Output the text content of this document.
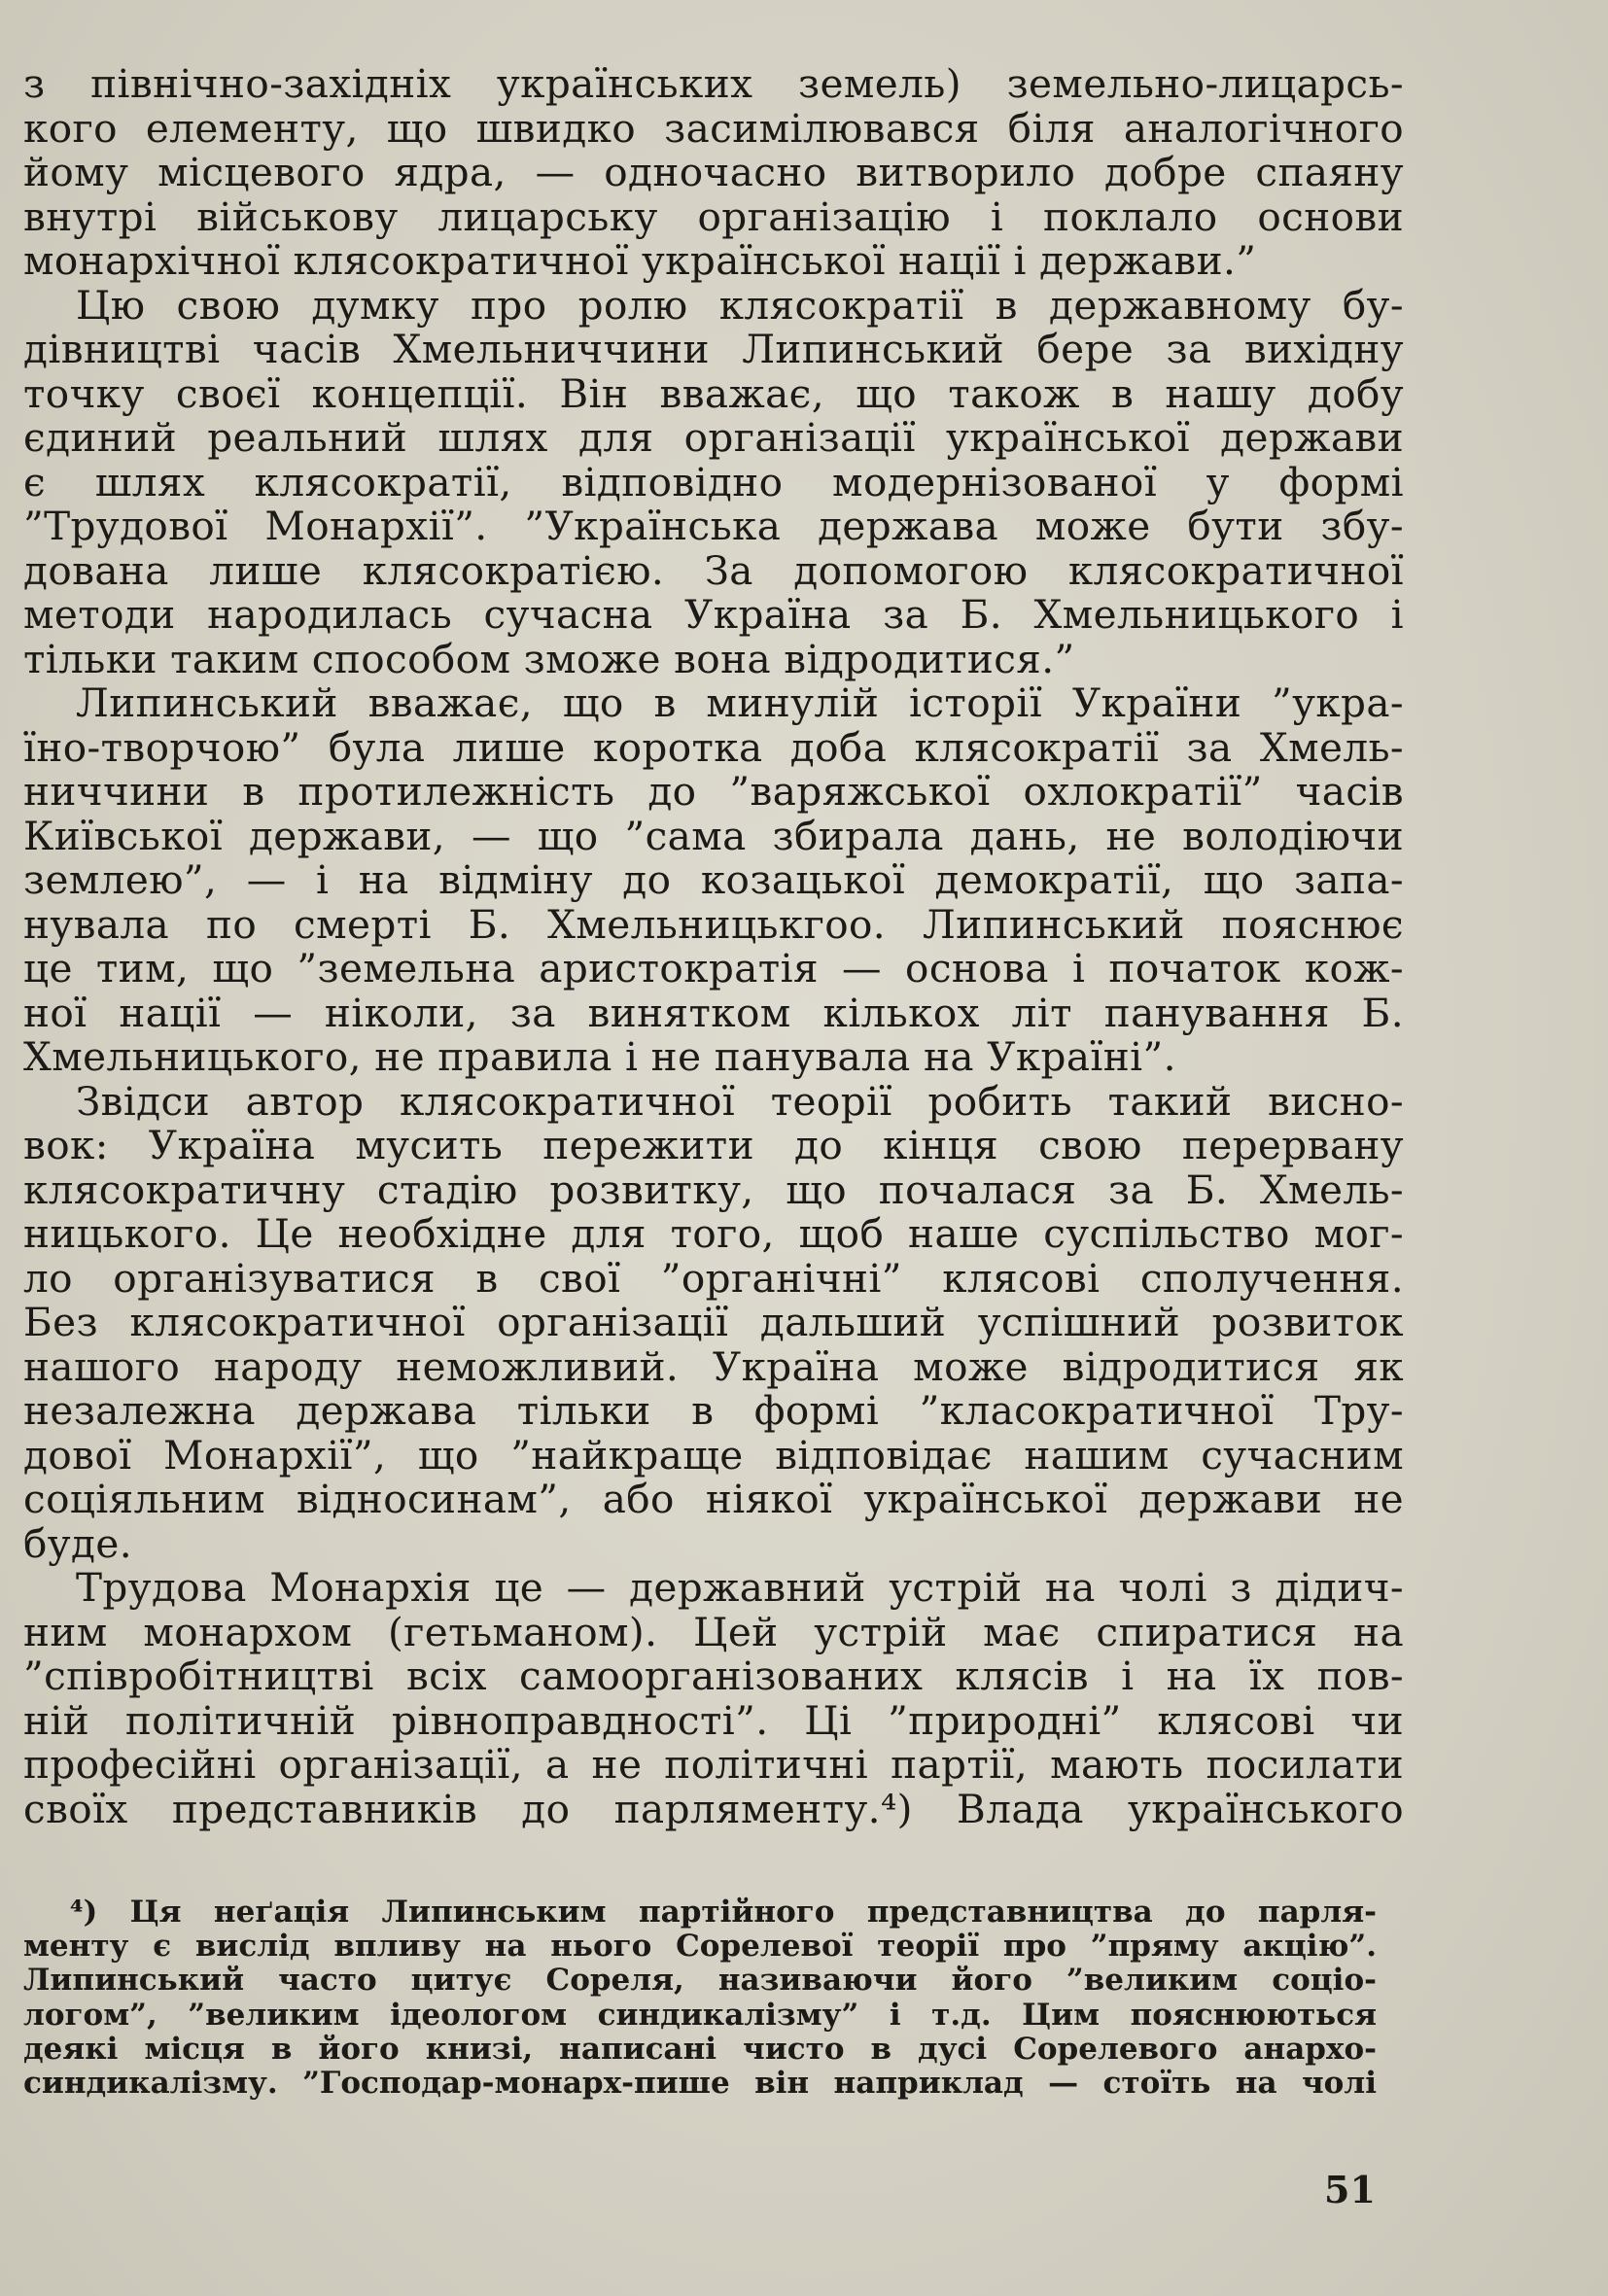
з північно-західніх українських земель) земельно-лицарсь-
кого елементу, що швидко засимілювався біля аналогічного
йому місцевого ядра, — одночасно витворило добре спаяну
внутрі військову лицарську організацію і поклало основи
монархічної клясократичної української нації і держави.”
Цю свою думку про ролю клясократії в державному бу-
дівництві часів Хмельниччини Липинський бере за вихідну
точку своєї концепції. Він вважає, що також в нашу добу
єдиний реальний шлях для організації української держави
є шлях клясократії, відповідно модернізованої у формі
”Трудової Монархії”. ”Українська держава може бути збу-
дована лише клясократією. За допомогою клясократичної
методи народилась сучасна Україна за Б. Хмельницького і
тільки таким способом зможе вона відродитися.”
Липинський вважає, що в минулій історії України ”укра-
їно-творчою” була лише коротка доба клясократії за Хмель-
ниччини в протилежність до ”варяжської охлократії” часів
Київської держави, — що ”сама збирала дань, не володіючи
землею”, — і на відміну до козацької демократії, що запа-
нувала по смерті Б. Хмельницькгоо. Липинський пояснює
це тим, що ”земельна аристократія — основа і початок кож-
ної нації — ніколи, за винятком кількох літ панування Б.
Хмельницького, не правила і не панувала на Україні”.
Звідси автор клясократичної теорії робить такий висно-
вок: Україна мусить пережити до кінця свою перервану
клясократичну стадію розвитку, що почалася за Б. Хмель-
ницького. Це необхідне для того, щоб наше суспільство мог-
ло організуватися в свої ”органічні” клясові сполучення.
Без клясократичної організації дальший успішний розвиток
нашого народу неможливий. Україна може відродитися як
незалежна держава тільки в формі ”класократичної Тру-
дової Монархії”, що ”найкраще відповідає нашим сучасним
соціяльним відносинам”, або ніякої української держави не
буде.
Трудова Монархія це — державний устрій на чолі з дідич-
ним монархом (гетьманом). Цей устрій має спиратися на
”співробітництві всіх самоорганізованих клясів і на їх пов-
ній політичній рівноправдності”. Ці ”природні” клясові чи
професійні організації, а не політичні партії, мають посилати
своїх представників до парляменту.⁴) Влада українського
⁴) Ця неґація Липинським партійного представництва до парля-
менту є вислід впливу на нього Сорелевої теорії про ”пряму акцію”.
Липинський часто цитує Сореля, називаючи його ”великим соціо-
логом”, ”великим ідеологом синдикалізму” і т.д. Цим пояснюються
деякі місця в його книзі, написані чисто в дусі Сорелевого анархо-
синдикалізму. ”Господар-монарх-пише він наприклад — стоїть на чолі
51
